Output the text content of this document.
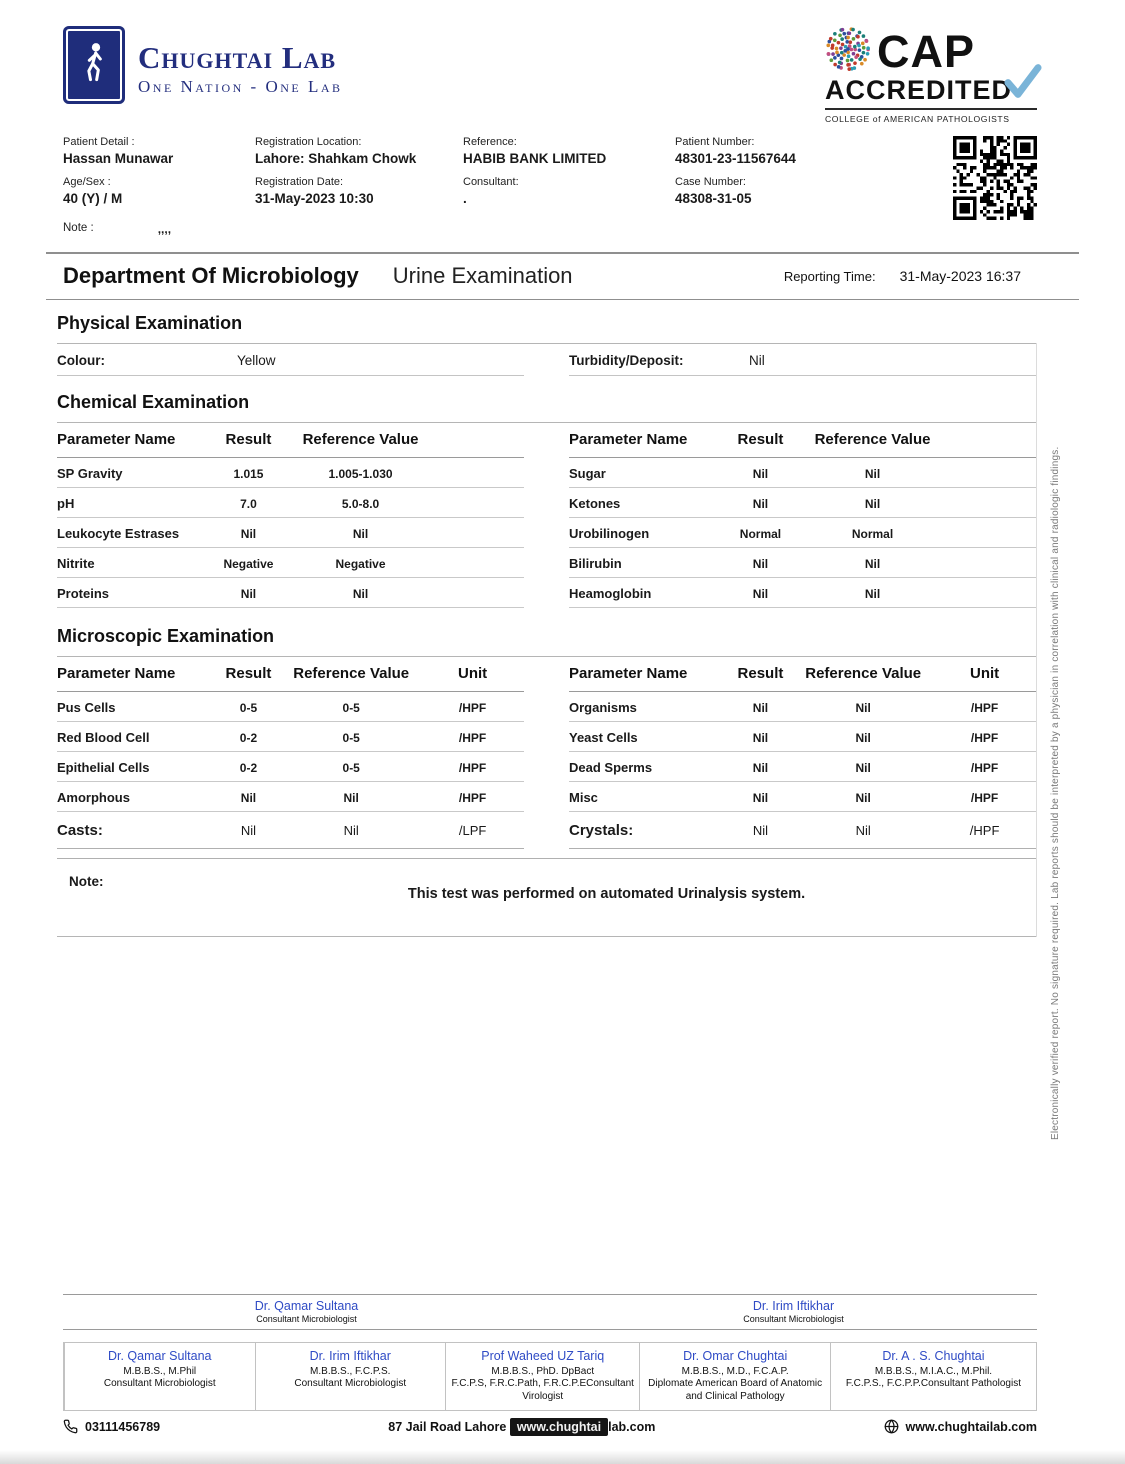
Chughtai Lab
One Nation - One Lab
CAP
ACCREDITED
COLLEGE of AMERICAN PATHOLOGISTS
Patient Detail :
Hassan Munawar
Age/Sex :
40 (Y) / M
Registration Location:
Lahore: Shahkam Chowk
Registration Date:
31-May-2023 10:30
Reference:
HABIB BANK LIMITED
Consultant:
.
Patient Number:
48301-23-11567644
Case Number:
48308-31-05
Note :	,,,,
Department Of Microbiology Urine Examination	Reporting Time: 31-May-2023 16:37
Physical Examination
Colour:	Yellow	Turbidity/Deposit:	Nil
Chemical Examination
Parameter Name	Result	Reference Value
SP Gravity	1.015	1.005-1.030
pH	7.0	5.0-8.0
Leukocyte Estrases	Nil	Nil
Nitrite	Negative	Negative
Proteins	Nil	Nil
Parameter Name	Result	Reference Value
Sugar	Nil	Nil
Ketones	Nil	Nil
Urobilinogen	Normal	Normal
Bilirubin	Nil	Nil
Heamoglobin	Nil	Nil
Microscopic Examination
Parameter Name	Result	Reference Value	Unit
Pus Cells	0-5	0-5	/HPF
Red Blood Cell	0-2	0-5	/HPF
Epithelial Cells	0-2	0-5	/HPF
Amorphous	Nil	Nil	/HPF
Casts:	Nil	Nil	/LPF
Parameter Name	Result	Reference Value	Unit
Organisms	Nil	Nil	/HPF
Yeast Cells	Nil	Nil	/HPF
Dead Sperms	Nil	Nil	/HPF
Misc	Nil	Nil	/HPF
Crystals:	Nil	Nil	/HPF
Note:
This test was performed on automated Urinalysis system.	Electronically verified report. No signature required. Lab reports should be interpreted by a physician in correlation with clinical and radiologic findings.
Dr. Qamar Sultana
Consultant Microbiologist
Dr. Irim Iftikhar
Consultant Microbiologist
Dr. Qamar Sultana
M.B.B.S., M.Phil
Consultant Microbiologist
Dr. Irim Iftikhar
M.B.B.S., F.C.P.S.
Consultant Microbiologist
Prof Waheed UZ Tariq
M.B.B.S., PhD. DpBact
F.C.P.S, F.R.C.Path, F.R.C.P.EConsultant Virologist
Dr. Omar Chughtai
M.B.B.S., M.D., F.C.A.P.
Diplomate American Board of Anatomic and Clinical Pathology
Dr. A . S. Chughtai
M.B.B.S., M.I.A.C., M.Phil.
F.C.P.S., F.C.P.P.Consultant Pathologist
03111456789	87 Jail Road Lahore www.chughtai lab.com	www.chughtailab.com
